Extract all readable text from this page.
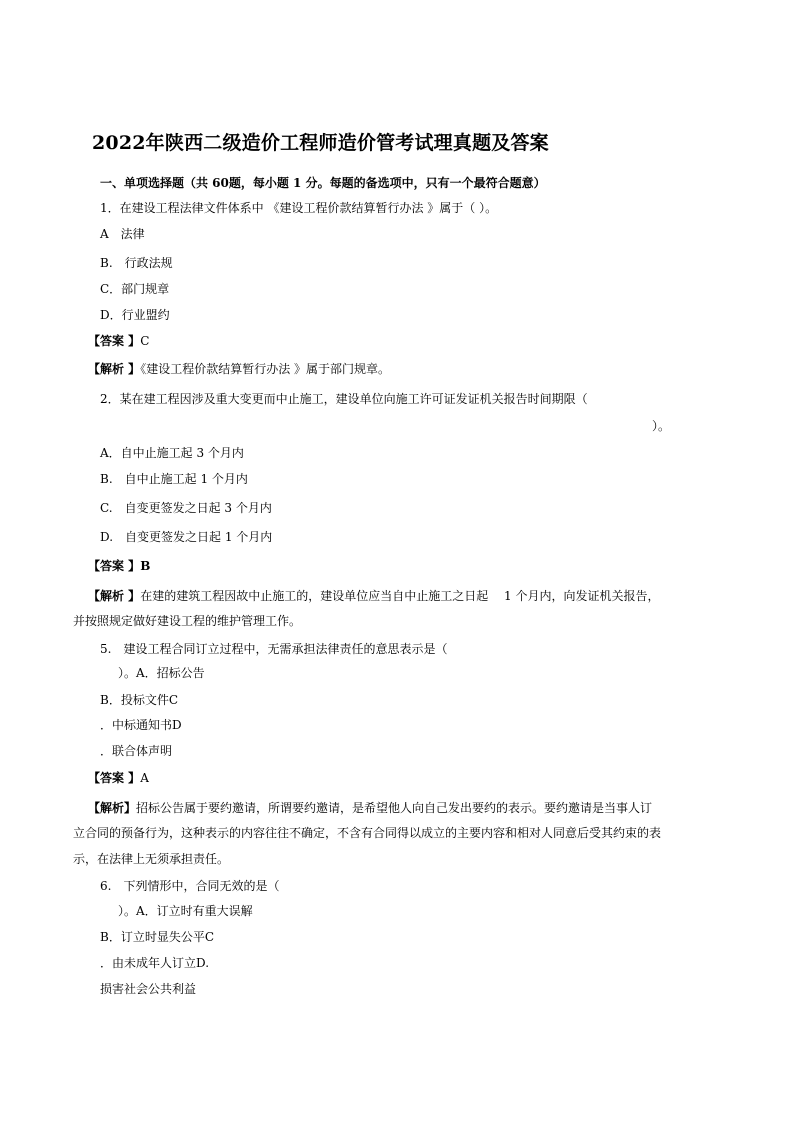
2022年陕西二级造价工程师造价管考试理真题及答案
一、单项选择题（共 60题，每小题 1 分。每题的备选项中，只有一个最符合题意）
1．在建设工程法律文件体系中 《建设工程价款结算暂行办法 》属于（ ）。
A　法律
B.　行政法规
C．部门规章
D．行业盟约
【答案 】C
【解析 】《建设工程价款结算暂行办法 》属于部门规章。
2．某在建工程因涉及重大变更而中止施工，建设单位向施工许可证发证机关报告时间期限（
）。
A．自中止施工起 3 个月内
B.　自中止施工起 1 个月内
C.　自变更签发之日起 3 个月内
D.　自变更签发之日起 1 个月内
【答案 】B
【解析 】在建的建筑工程因故中止施工的，建设单位应当自中止施工之日起　 1 个月内，向发证机关报告，
并按照规定做好建设工程的维护管理工作。
5.　建设工程合同订立过程中，无需承担法律责任的意思表示是（
）。A．招标公告
B．投标文件C
．中标通知书D
．联合体声明
【答案 】A
【解析】招标公告属于要约邀请，所谓要约邀请，是希望他人向自己发出要约的表示。要约邀请是当事人订
立合同的预备行为，这种表示的内容往往不确定，不含有合同得以成立的主要内容和相对人同意后受其约束的表
示，在法律上无须承担责任。
6.　下列情形中，合同无效的是（
）。A．订立时有重大误解
B．订立时显失公平C
．由未成年人订立D.
损害社会公共利益
